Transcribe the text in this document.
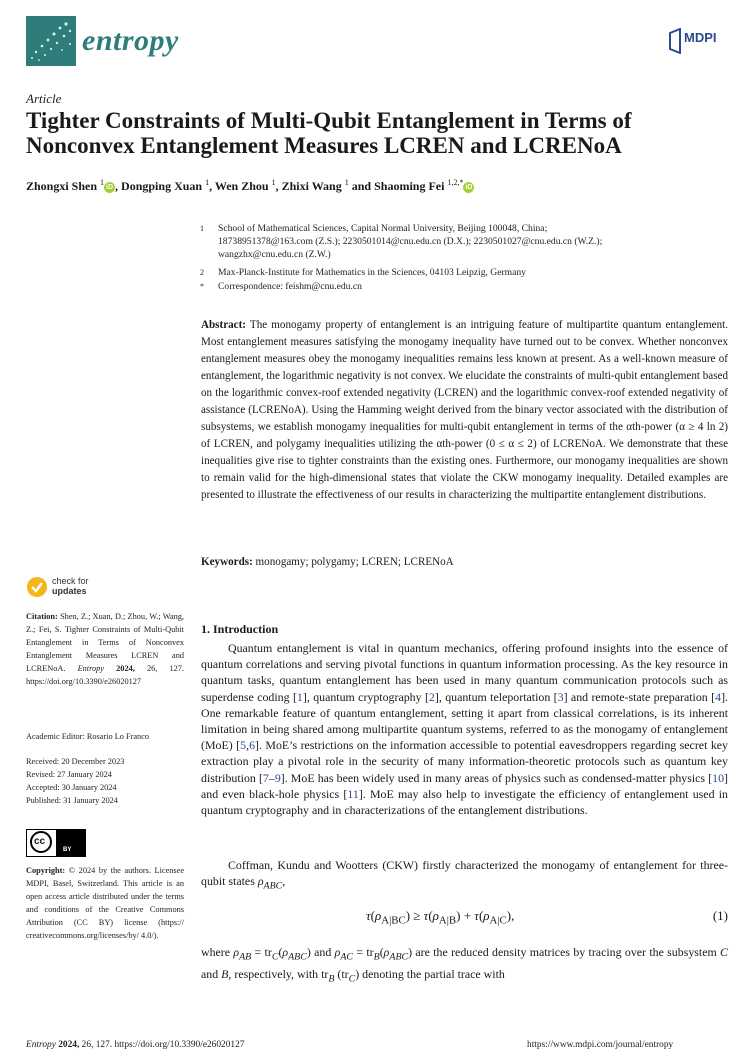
entropy	MDPI
Article
Tighter Constraints of Multi-Qubit Entanglement in Terms of Nonconvex Entanglement Measures LCREN and LCRENoA
Zhongxi Shen $^1$iD , Dongping Xuan $^1$, Wen Zhou $^1$, Zhixi Wang $^1$ and Shaoming Fei $^{1,2,*}$iD
1 School of Mathematical Sciences, Capital Normal University, Beijing 100048, China;
18738951378@163.com (Z.S.); 2230501014@cnu.edu.cn (D.X.); 2230501027@cnu.edu.cn (W.Z.);
wangzhx@cnu.edu.cn (Z.W.)
2 Max-Planck-Institute for Mathematics in the Sciences, 04103 Leipzig, Germany
* Correspondence: feishm@cnu.edu.cn
Abstract: The monogamy property of entanglement is an intriguing feature of multipartite quantum entanglement. Most entanglement measures satisfying the monogamy inequality have turned out to be convex. Whether nonconvex entanglement measures obey the monogamy inequalities remains less known at present. As a well-known measure of entanglement, the logarithmic negativity is not convex. We elucidate the constraints of multi-qubit entanglement based on the logarithmic convex-roof extended negativity (LCREN) and the logarithmic convex-roof extended negativity of assistance (LCRENoA). Using the Hamming weight derived from the binary vector associated with the distribution of subsystems, we establish monogamy inequalities for multi-qubit entanglement in terms of the αth-power (α ≥ 4 ln 2) of LCREN, and polygamy inequalities utilizing the αth-power (0 ≤ α ≤ 2) of LCRENoA. We demonstrate that these inequalities give rise to tighter constraints than the existing ones. Furthermore, our monogamy inequalities are shown to remain valid for the high-dimensional states that violate the CKW monogamy inequality. Detailed examples are presented to illustrate the effectiveness of our results in characterizing the multipartite entanglement distributions.
Keywords: monogamy; polygamy; LCREN; LCRENoA
check for
updates
Citation: Shen, Z.; Xuan, D.; Zhou, W.; Wang, Z.; Fei, S. Tighter Constraints of Multi-Qubit Entanglement in Terms of Nonconvex Entanglement Measures LCREN and LCRENoA. Entropy 2024, 26, 127. https://doi.org/10.3390/e26020127
Academic Editor: Rosario Lo Franco
Received: 20 December 2023
Revised: 27 January 2024
Accepted: 30 January 2024
Published: 31 January 2024
cc
BY
Copyright: © 2024 by the authors. Licensee MDPI, Basel, Switzerland. This article is an open access article distributed under the terms and conditions of the Creative Commons Attribution (CC BY) license (https:// creativecommons.org/licenses/by/ 4.0/).
1. Introduction
Quantum entanglement is vital in quantum mechanics, offering profound insights into the essence of quantum correlations and serving pivotal functions in quantum information processing. As the key resource in quantum tasks, quantum entanglement has been used in many quantum communication protocols such as superdense coding [1], quantum cryptography [2], quantum teleportation [3] and remote-state preparation [4]. One remarkable feature of quantum entanglement, setting it apart from classical correlations, is its inherent limitation in being shared among multipartite quantum systems, referred to as the monogamy of entanglement (MoE) [5,6]. MoE’s restrictions on the information accessible to potential eavesdroppers regarding secret key extraction play a pivotal role in the security of many information-theoretic protocols such as quantum key distribution [7–9]. MoE has been widely used in many areas of physics such as condensed-matter physics [10] and even black-hole physics [11]. MoE may also help to investigate the efficiency of entanglement used in quantum cryptography and in characterizations of the entanglement distributions.
Coffman, Kundu and Wootters (CKW) firstly characterized the monogamy of entanglement for three-qubit states $\rho_{ABC}$,
$\tau(\rho_{A|BC}) \ge \tau(\rho_{A|B}) + \tau(\rho_{A|C})$,	(1)
where $\rho_{AB} = tr_C(\rho_{ABC})$ and $\rho_{AC} = tr_B(\rho_{ABC})$ are the reduced density matrices by tracing over the subsystem C and B, respectively, with $tr_B$ $(tr_C)$ denoting the partial trace with
Entropy 2024, 26, 127. https://doi.org/10.3390/e26020127	https://www.mdpi.com/journal/entropy
